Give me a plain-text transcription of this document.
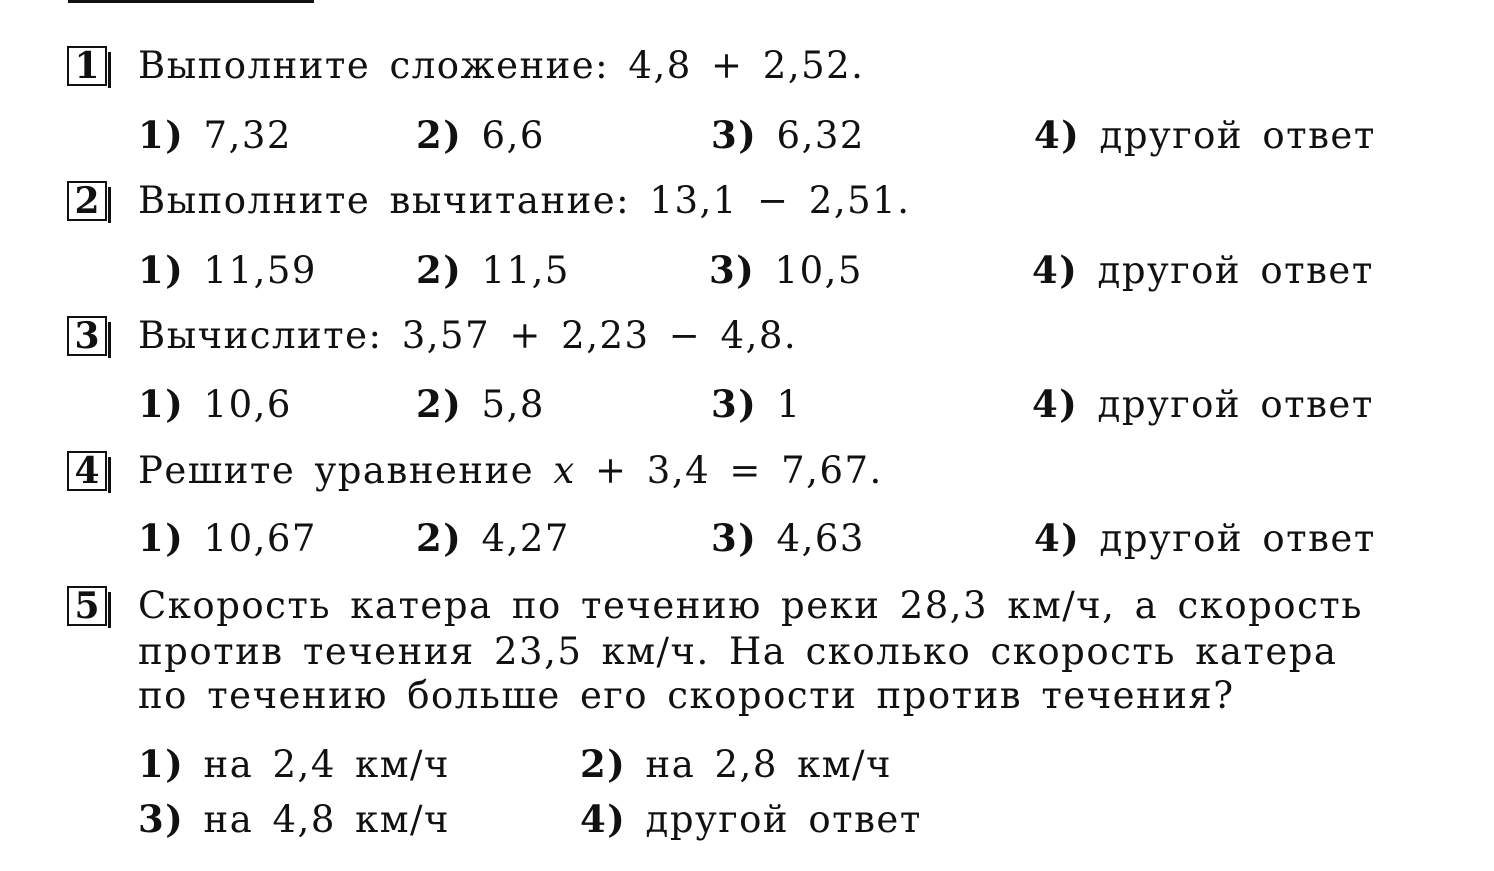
1 Выполните сложение: 4,8 + 2,52.
1) 7,32	2) 6,6	3) 6,32	4) другой ответ
2 Выполните вычитание: 13,1 − 2,51.
1) 11,59	2) 11,5	3) 10,5	4) другой ответ
3 Вычислите: 3,57 + 2,23 − 4,8.
1) 10,6	2) 5,8	3) 1	4) другой ответ
4 Решите уравнение x + 3,4 = 7,67.
1) 10,67	2) 4,27	3) 4,63	4) другой ответ
5 Скорость катера по течению реки 28,3 км/ч, а скорость
против течения 23,5 км/ч. На сколько скорость катера
по течению больше его скорости против течения?
1) на 2,4 км/ч	2) на 2,8 км/ч
3) на 4,8 км/ч	4) другой ответ
